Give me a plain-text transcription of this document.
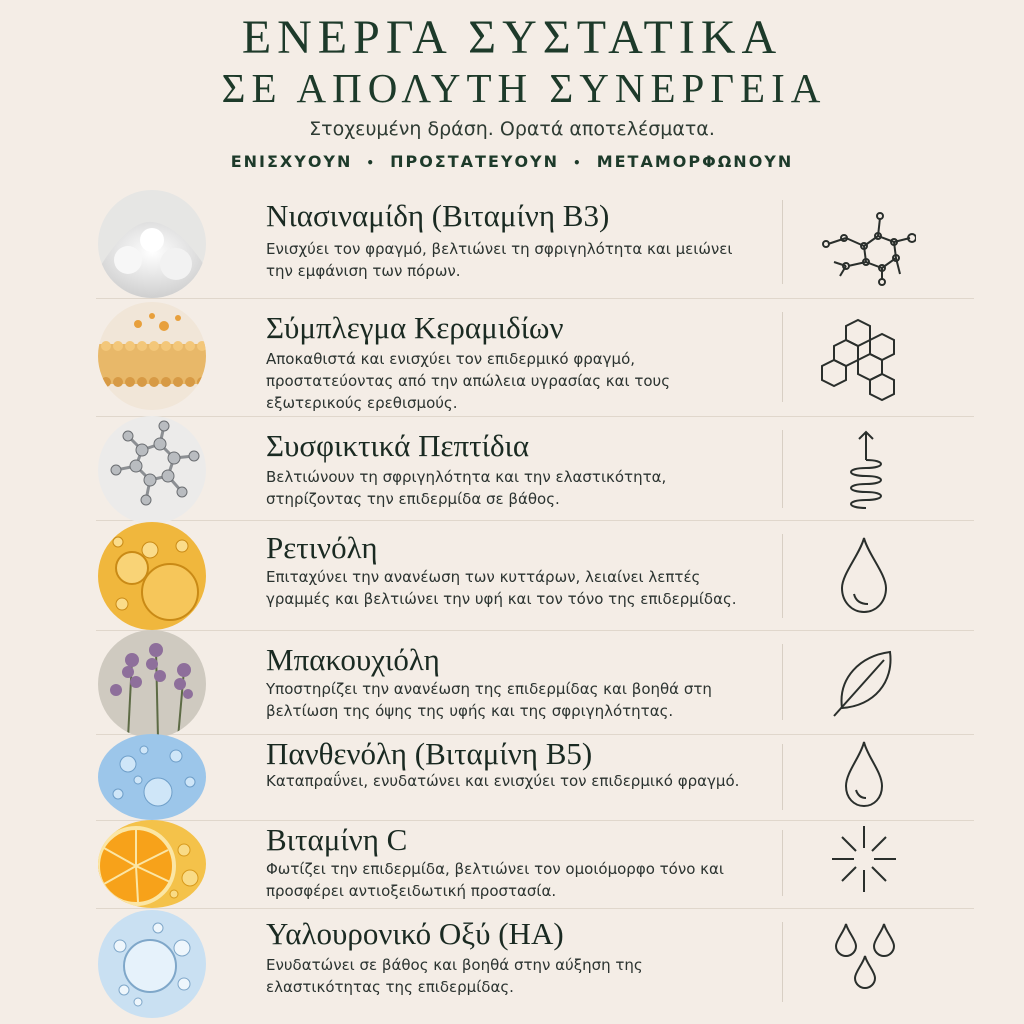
ΕΝΕΡΓΑ ΣΥΣΤΑΤΙΚΑ
ΣΕ ΑΠΟΛΥΤΗ ΣΥΝΕΡΓΕΙΑ
Στοχευμένη δράση. Ορατά αποτελέσματα.
ΕΝΙΣΧΥΟΥΝ • ΠΡΟΣΤΑΤΕΥΟΥΝ • ΜΕΤΑΜΟΡΦΩΝΟΥΝ
Νιασιναμίδη (Βιταμίνη B3)
Ενισχύει τον φραγμό, βελτιώνει τη σφριγηλότητα και μειώνει την εμφάνιση των πόρων.
Σύμπλεγμα Κεραμιδίων
Αποκαθιστά και ενισχύει τον επιδερμικό φραγμό, προστατεύοντας από την απώλεια υγρασίας και τους εξωτερικούς ερεθισμούς.
Συσφικτικά Πεπτίδια
Βελτιώνουν τη σφριγηλότητα και την ελαστικότητα, στηρίζοντας την επιδερμίδα σε βάθος.
Ρετινόλη
Επιταχύνει την ανανέωση των κυττάρων, λειαίνει λεπτές γραμμές και βελτιώνει την υφή και τον τόνο της επιδερμίδας.
Μπακουχιόλη
Υποστηρίζει την ανανέωση της επιδερμίδας και βοηθά στη βελτίωση της όψης της υφής και της σφριγηλότητας.
Πανθενόλη (Βιταμίνη B5)
Καταπραΰνει, ενυδατώνει και ενισχύει τον επιδερμικό φραγμό.
Βιταμίνη C
Φωτίζει την επιδερμίδα, βελτιώνει τον ομοιόμορφο τόνο και προσφέρει αντιοξειδωτική προστασία.
Υαλουρονικό Οξύ (HA)
Ενυδατώνει σε βάθος και βοηθά στην αύξηση της ελαστικότητας της επιδερμίδας.
